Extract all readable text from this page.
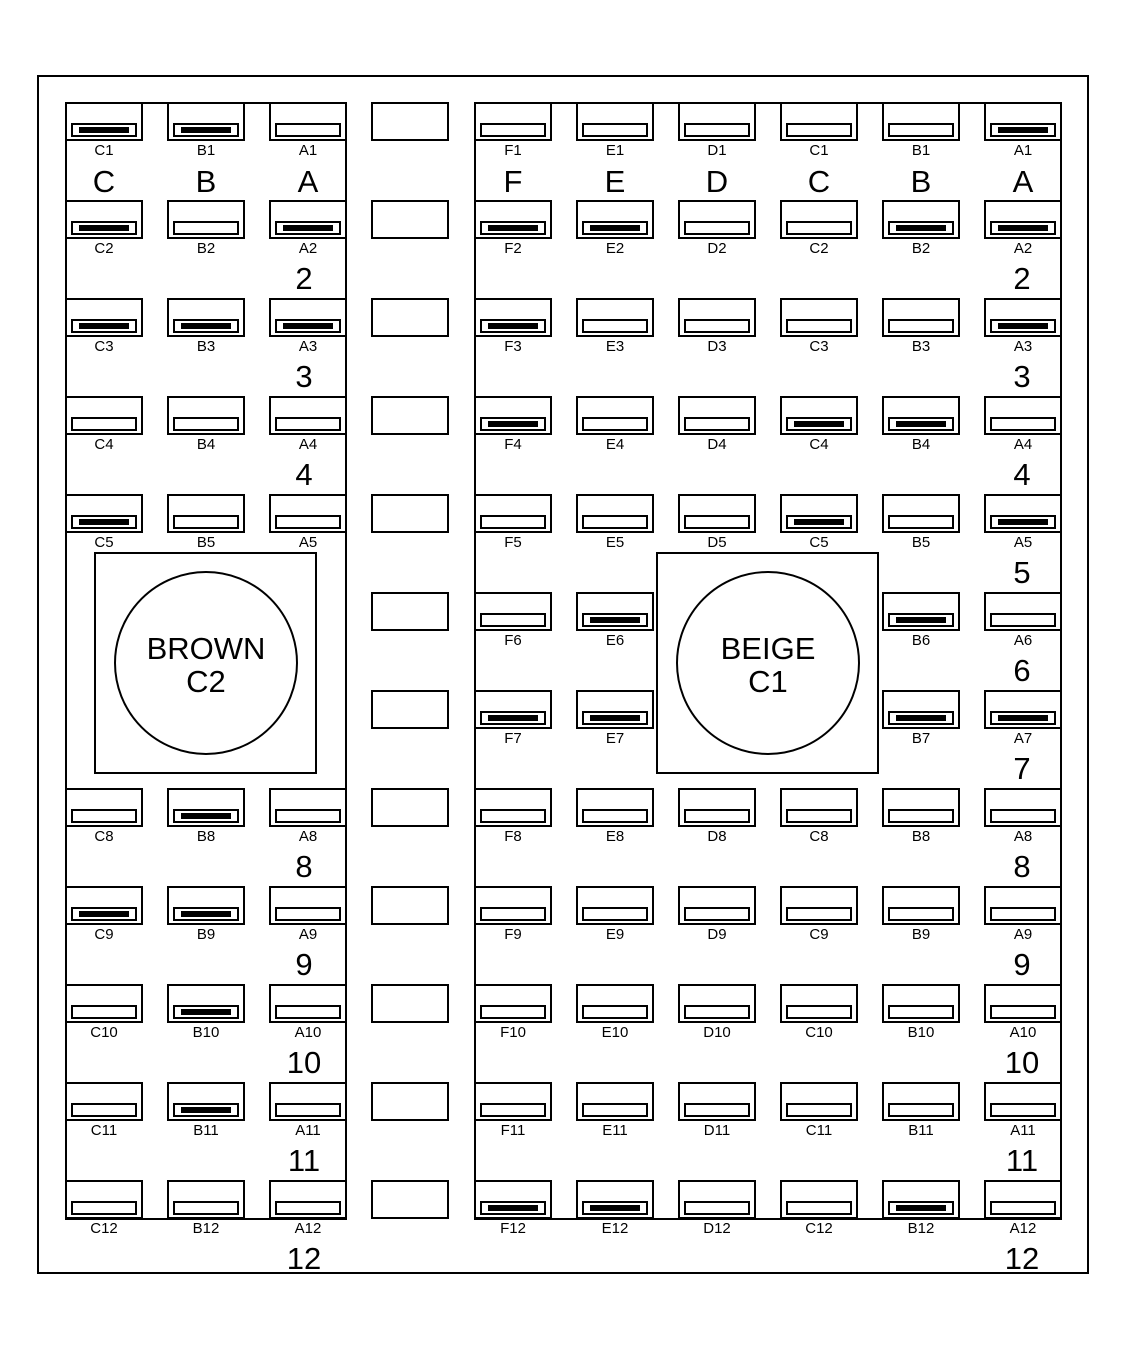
C1	B1	A1
C2	B2	A2
C3	B3	A3
C4	B4	A4
C5	B5	A5
C8	B8	A8
C9	B9	A9
C10	B10	A10
C11	B11	A11
C12	B12	A12
F1	E1	D1	C1	B1	A1
F2	E2	D2	C2	B2	A2
F3	E3	D3	C3	B3	A3
F4	E4	D4	C4	B4	A4
F5	E5	D5	C5	B5	A5
F6	E6	B6	A6
F7	E7	B7	A7
F8	E8	D8	C8	B8	A8
F9	E9	D9	C9	B9	A9
F10	E10	D10	C10	B10	A10
F11	E11	D11	C11	B11	A11
F12	E12	D12	C12	B12	A12
C	B	A	F	E	D	C	B	A
2
3
4
8
9
10
11
12
2
3
4
5
6
7
8
9
10
11
12
BROWN
C2
BEIGE
C1
